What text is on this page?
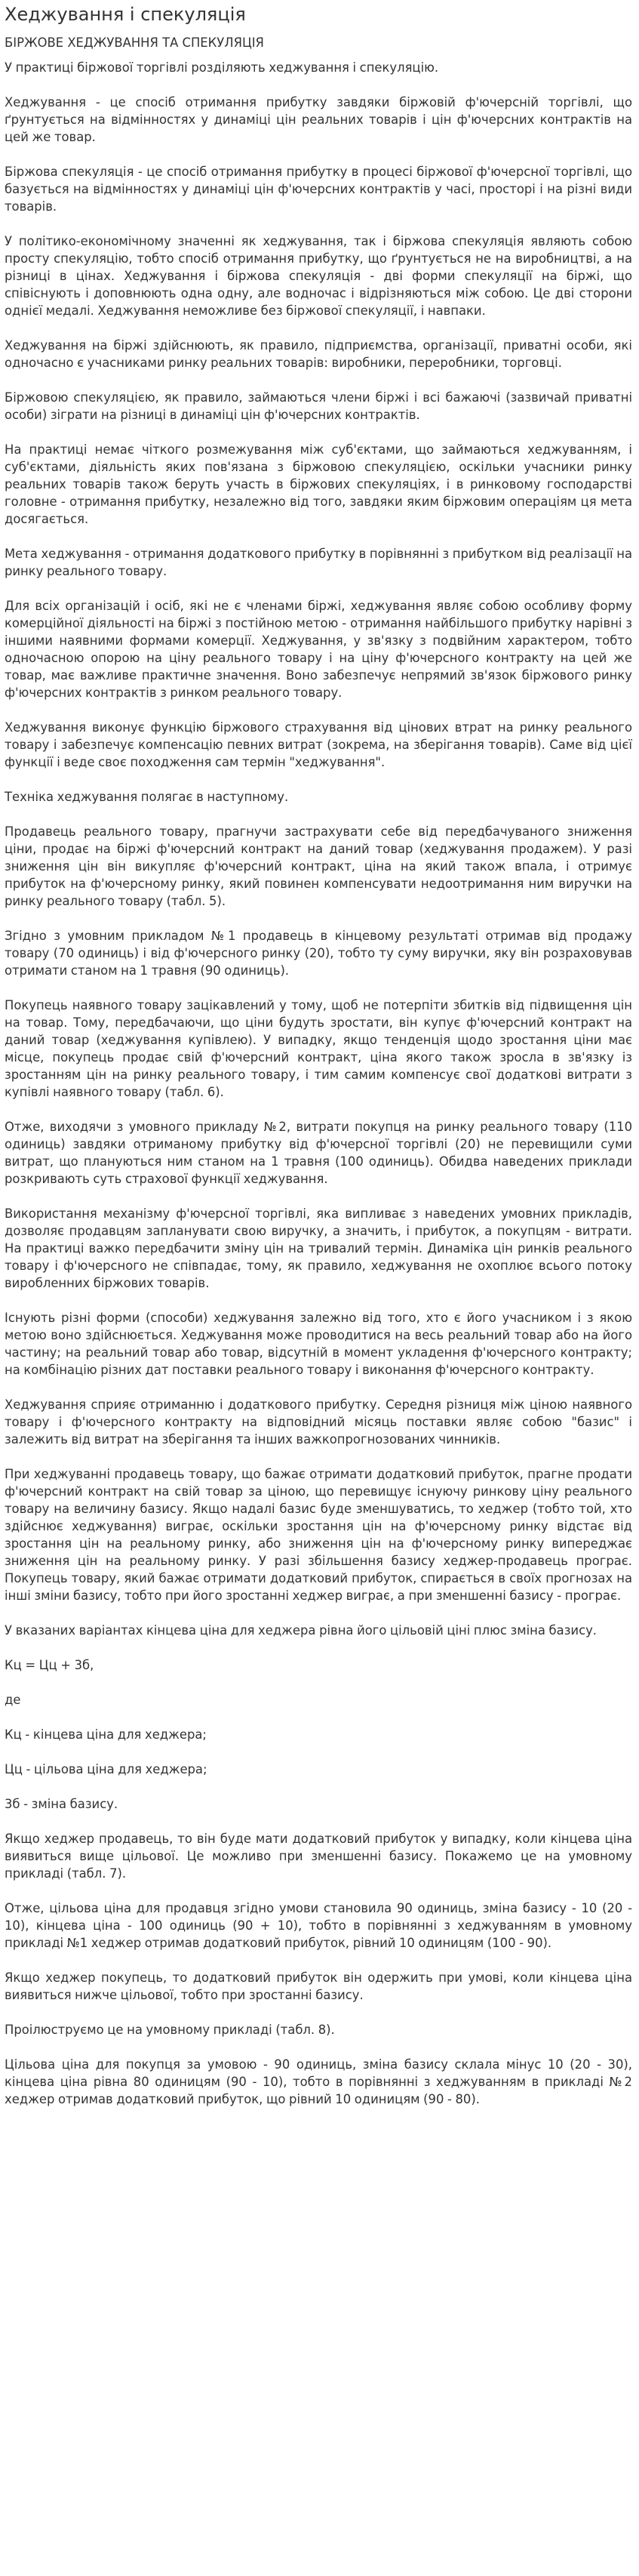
Хеджування і спекуляція
БІРЖОВЕ ХЕДЖУВАННЯ ТА СПЕКУЛЯЦІЯ

У практиці біржової торгівлі розділяють хеджування і спекуляцію.

Хеджування - це спосіб отримання прибутку завдяки біржовій ф'ючерсній торгівлі, що ґрунтується на відмінностях у динаміці цін реальних товарів і цін ф'ючерсних контрактів на цей же товар.

Біржова спекуляція - це спосіб отримання прибутку в процесі біржової ф'ючерсної торгівлі, що базується на відмінностях у динаміці цін ф'ючерсних контрактів у часі, просторі і на різні види товарів.

У політико-економічному значенні як хеджування, так і біржова спекуляція являють собою просту спекуляцію, тобто спосіб отримання прибутку, що ґрунтується не на виробництві, а на різниці в цінах. Хеджування і біржова спекуляція - дві форми спекуляції на біржі, що співіснують і доповнюють одна одну, але водночас і відрізняються між собою. Це дві сторони однієї медалі. Хеджування неможливе без біржової спекуляції, і навпаки.

Хеджування на біржі здійснюють, як правило, підприємства, організації, приватні особи, які одночасно є учасниками ринку реальних товарів: виробники, переробники, торговці.

Біржовою спекуляцією, як правило, займаються члени біржі і всі бажаючі (зазвичай приватні особи) зіграти на різниці в динаміці цін ф'ючерсних контрактів.

На практиці немає чіткого розмежування між суб'єктами, що займаються хеджуванням, і суб'єктами, діяльність яких пов'язана з біржовою спекуляцією, оскільки учасники ринку реальних товарів також беруть участь в біржових спекуляціях, і в ринковому господарстві головне - отримання прибутку, незалежно від того, завдяки яким біржовим операціям ця мета досягається.

Мета хеджування - отримання додаткового прибутку в порівнянні з прибутком від реалізації на ринку реального товару.

Для всіх організацій і осіб, які не є членами біржі, хеджування являє собою особливу форму комерційної діяльності на біржі з постійною метою - отримання найбільшого прибутку нарівні з іншими наявними формами комерції. Хеджування, у зв'язку з подвійним характером, тобто одночасною опорою на ціну реального товару і на ціну ф'ючерсного контракту на цей же товар, має важливе практичне значення. Воно забезпечує непрямий зв'язок біржового ринку ф'ючерсних контрактів з ринком реального товару.

Хеджування виконує функцію біржового страхування від цінових втрат на ринку реального товару і забезпечує компенсацію певних витрат (зокрема, на зберігання товарів). Саме від цієї функції і веде своє походження сам термін "хеджування".

Техніка хеджування полягає в наступному.

Продавець реального товару, прагнучи застрахувати себе від передбачуваного зниження ціни, продає на біржі ф'ючерсний контракт на даний товар (хеджування продажем). У разі зниження цін він викупляє ф'ючерсний контракт, ціна на який також впала, і отримує прибуток на ф'ючерсному ринку, який повинен компенсувати недоотримання ним виручки на ринку реального товару (табл. 5).

Згідно з умовним прикладом №1 продавець в кінцевому результаті отримав від продажу товару (70 одиниць) і від ф'ючерсного ринку (20), тобто ту суму виручки, яку він розраховував отримати станом на 1 травня (90 одиниць).

Покупець наявного товару зацікавлений у тому, щоб не потерпіти збитків від підвищення цін на товар. Тому, передбачаючи, що ціни будуть зростати, він купує ф'ючерсний контракт на даний товар (хеджування купівлею). У випадку, якщо тенденція щодо зростання ціни має місце, покупець продає свій ф'ючерсний контракт, ціна якого також зросла в зв'язку із зростанням цін на ринку реального товару, і тим самим компенсує свої додаткові витрати з купівлі наявного товару (табл. 6).

Отже, виходячи з умовного прикладу №2, витрати покупця на ринку реального товару (110 одиниць) завдяки отриманому прибутку від ф'ючерсної торгівлі (20) не перевищили суми витрат, що плануються ним станом на 1 травня (100 одиниць). Обидва наведених приклади розкривають суть страхової функції хеджування.

Використання механізму ф'ючерсної торгівлі, яка випливає з наведених умовних прикладів, дозволяє продавцям запланувати свою виручку, а значить, і прибуток, а покупцям - витрати. На практиці важко передбачити зміну цін на тривалий термін. Динаміка цін ринків реального товару і ф'ючерсного не співпадає, тому, як правило, хеджування не охоплює всього потоку виробленних біржових товарів.

Існують різні форми (способи) хеджування залежно від того, хто є його учасником і з якою метою воно здійснюється. Хеджування може проводитися на весь реальний товар або на його частину; на реальний товар або товар, відсутній в момент укладення ф'ючерсного контракту; на комбінацію різних дат поставки реального товару і виконання ф'ючерсного контракту.

Хеджування сприяє отриманню і додаткового прибутку. Середня різниця між ціною наявного товару і ф'ючерсного контракту на відповідний місяць поставки являє собою "базис" і залежить від витрат на зберігання та інших важкопрогнозованих чинників.

При хеджуванні продавець товару, що бажає отримати додатковий прибуток, прагне продати ф'ючерсний контракт на свій товар за ціною, що перевищує існуючу ринкову ціну реального товару на величину базису. Якщо надалі базис буде зменшуватись, то хеджер (тобто той, хто здійснює хеджування) виграє, оскільки зростання цін на ф'ючерсному ринку відстає від зростання цін на реальному ринку, або зниження цін на ф'ючерсному ринку випереджає зниження цін на реальному ринку. У разі збільшення базису хеджер-продавець програє. Покупець товару, який бажає отримати додатковий прибуток, спирається в своїх прогнозах на інші зміни базису, тобто при його зростанні хеджер виграє, а при зменшенні базису - програє.

У вказаних варіантах кінцева ціна для хеджера рівна його цільовій ціні плюс зміна базису.

Кц = Цц + 3б,

де

Кц - кінцева ціна для хеджера;

Цц - цільова ціна для хеджера;

3б - зміна базису.

Якщо хеджер продавець, то він буде мати додатковий прибуток у випадку, коли кінцева ціна виявиться вище цільової. Це можливо при зменшенні базису. Покажемо це на умовному прикладі (табл. 7).

Отже, цільова ціна для продавця згідно умови становила 90 одиниць, зміна базису - 10 (20 - 10), кінцева ціна - 100 одиниць (90 + 10), тобто в порівнянні з хеджуванням в умовному прикладі №1 хеджер отримав додатковий прибуток, рівний 10 одиницям (100 - 90).

Якщо хеджер покупець, то додатковий прибуток він одержить при умові, коли кінцева ціна виявиться нижче цільової, тобто при зростанні базису.

Проілюструємо це на умовному прикладі (табл. 8).

Цільова ціна для покупця за умовою - 90 одиниць, зміна базису склала мінус 10 (20 - 30), кінцева ціна рівна 80 одиницям (90 - 10), тобто в порівнянні з хеджуванням в прикладі №2 хеджер отримав додатковий прибуток, що рівний 10 одиницям (90 - 80).
